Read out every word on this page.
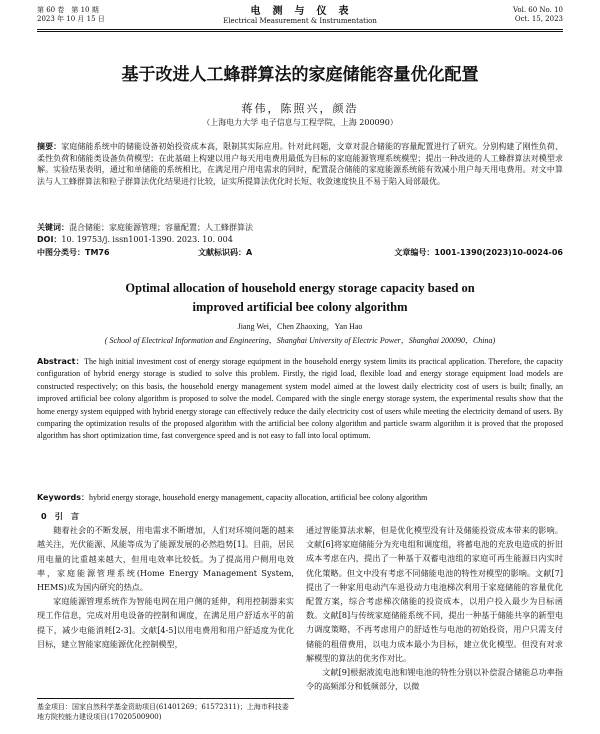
第 60 卷　第 10 期
2023 年 10 月 15 日
电　测　与　仪　表
Electrical Measurement & Instrumentation
Vol. 60 No. 10
Oct. 15, 2023
基于改进人工蜂群算法的家庭储能容量优化配置
蒋伟，陈照兴，颜浩
（上海电力大学 电子信息与工程学院，上海 200090）
摘要：家庭储能系统中的储能设备初始投资成本高，限制其实际应用。针对此问题，文章对混合储能的容量配置进行了研究。分别构建了刚性负荷、柔性负荷和储能类设备负荷模型；在此基础上构建以用户每天用电费用最低为目标的家庭能源管理系统模型；提出一种改进的人工蜂群算法对模型求解。实验结果表明，通过和单储能的系统相比，在满足用户用电需求的同时，配置混合储能的家庭能源系统能有效减小用户每天用电费用。对文中算法与人工蜂群算法和粒子群算法优化结果进行比较，证实所提算法优化时长短、收敛速度快且不易于陷入局部最优。
关键词：混合储能；家庭能源管理；容量配置；人工蜂群算法
DOI：10. 19753/j. issn1001-1390. 2023. 10. 004
中图分类号：TM76	文献标识码：A	文章编号：1001-1390(2023)10-0024-06
Optimal allocation of household energy storage capacity based on
improved artificial bee colony algorithm
Jiang Wei，Chen Zhaoxing，Yan Hao
( School of Electrical Information and Engineering，Shanghai University of Electric Power，Shanghai 200090，China)
Abstract：The high initial investment cost of energy storage equipment in the household energy system limits its practical application. Therefore, the capacity configuration of hybrid energy storage is studied to solve this problem. Firstly, the rigid load, flexible load and energy storage equipment load models are constructed respectively; on this basis, the household energy management system model aimed at the lowest daily electricity cost of users is built; finally, an improved artificial bee colony algorithm is proposed to solve the model. Compared with the single energy storage system, the experimental results show that the home energy system equipped with hybrid energy storage can effectively reduce the daily electricity cost of users while meeting the electricity demand of users. By comparing the optimization results of the proposed algorithm with the artificial bee colony algorithm and particle swarm algorithm it is proved that the proposed algorithm has short optimization time, fast convergence speed and is not easy to fall into local optimum.
Keywords：hybrid energy storage, household energy management, capacity allocation, artificial bee colony algorithm
0　引　言
随着社会的不断发展，用电需求不断增加，人们对环境问题的越来越关注，光伏能源、风能等成为了能源发展的必然趋势[1]。目前，居民用电量的比重越来越大，但用电效率比较低。为了提高用户侧用电效率，家庭能源管理系统(Home Energy Management System, HEMS)成为国内研究的热点。
家庭能源管理系统作为智能电网在用户侧的延伸，利用控制器来实现工作信息，完成对用电设备的控制和调度，在满足用户舒适水平的前提下，减少电能消耗[2-3]。文献[4-5]以用电费用和用户舒适度为优化目标，建立智能家庭能源优化控制模型，
基金项目：国家自然科学基金资助项目(61401269；61572311)；上海市科技委地方院校能力建设项目(17020500900)
通过智能算法求解，但是优化模型没有计及储能投资成本带来的影响。文献[6]将家庭储能分为充电组和调度组，将蓄电池的充放电造成的折旧成本考虑在内，提出了一种基于双蓄电池组的家庭可再生能源日内实时优化策略。但文中没有考虑不同储能电池的特性对模型的影响。文献[7]提出了一种家用电动汽车退役动力电池梯次利用于家庭储能的容量优化配置方案，综合考虑梯次储能的投资成本，以用户投入最少为目标函数。文献[8]与传统家庭储能系统不同，提出一种基于储能共享的新型电力调度策略，不再考虑用户的舒适性与电池的初始投资，用户只需支付储能的租借费用，以电力成本最小为目标，建立优化模型。但没有对求解模型的算法的优劣作对比。
文献[9]根据液流电池和锂电池的特性分别以补偿混合储能总功率指令的高频部分和低频部分，以微
